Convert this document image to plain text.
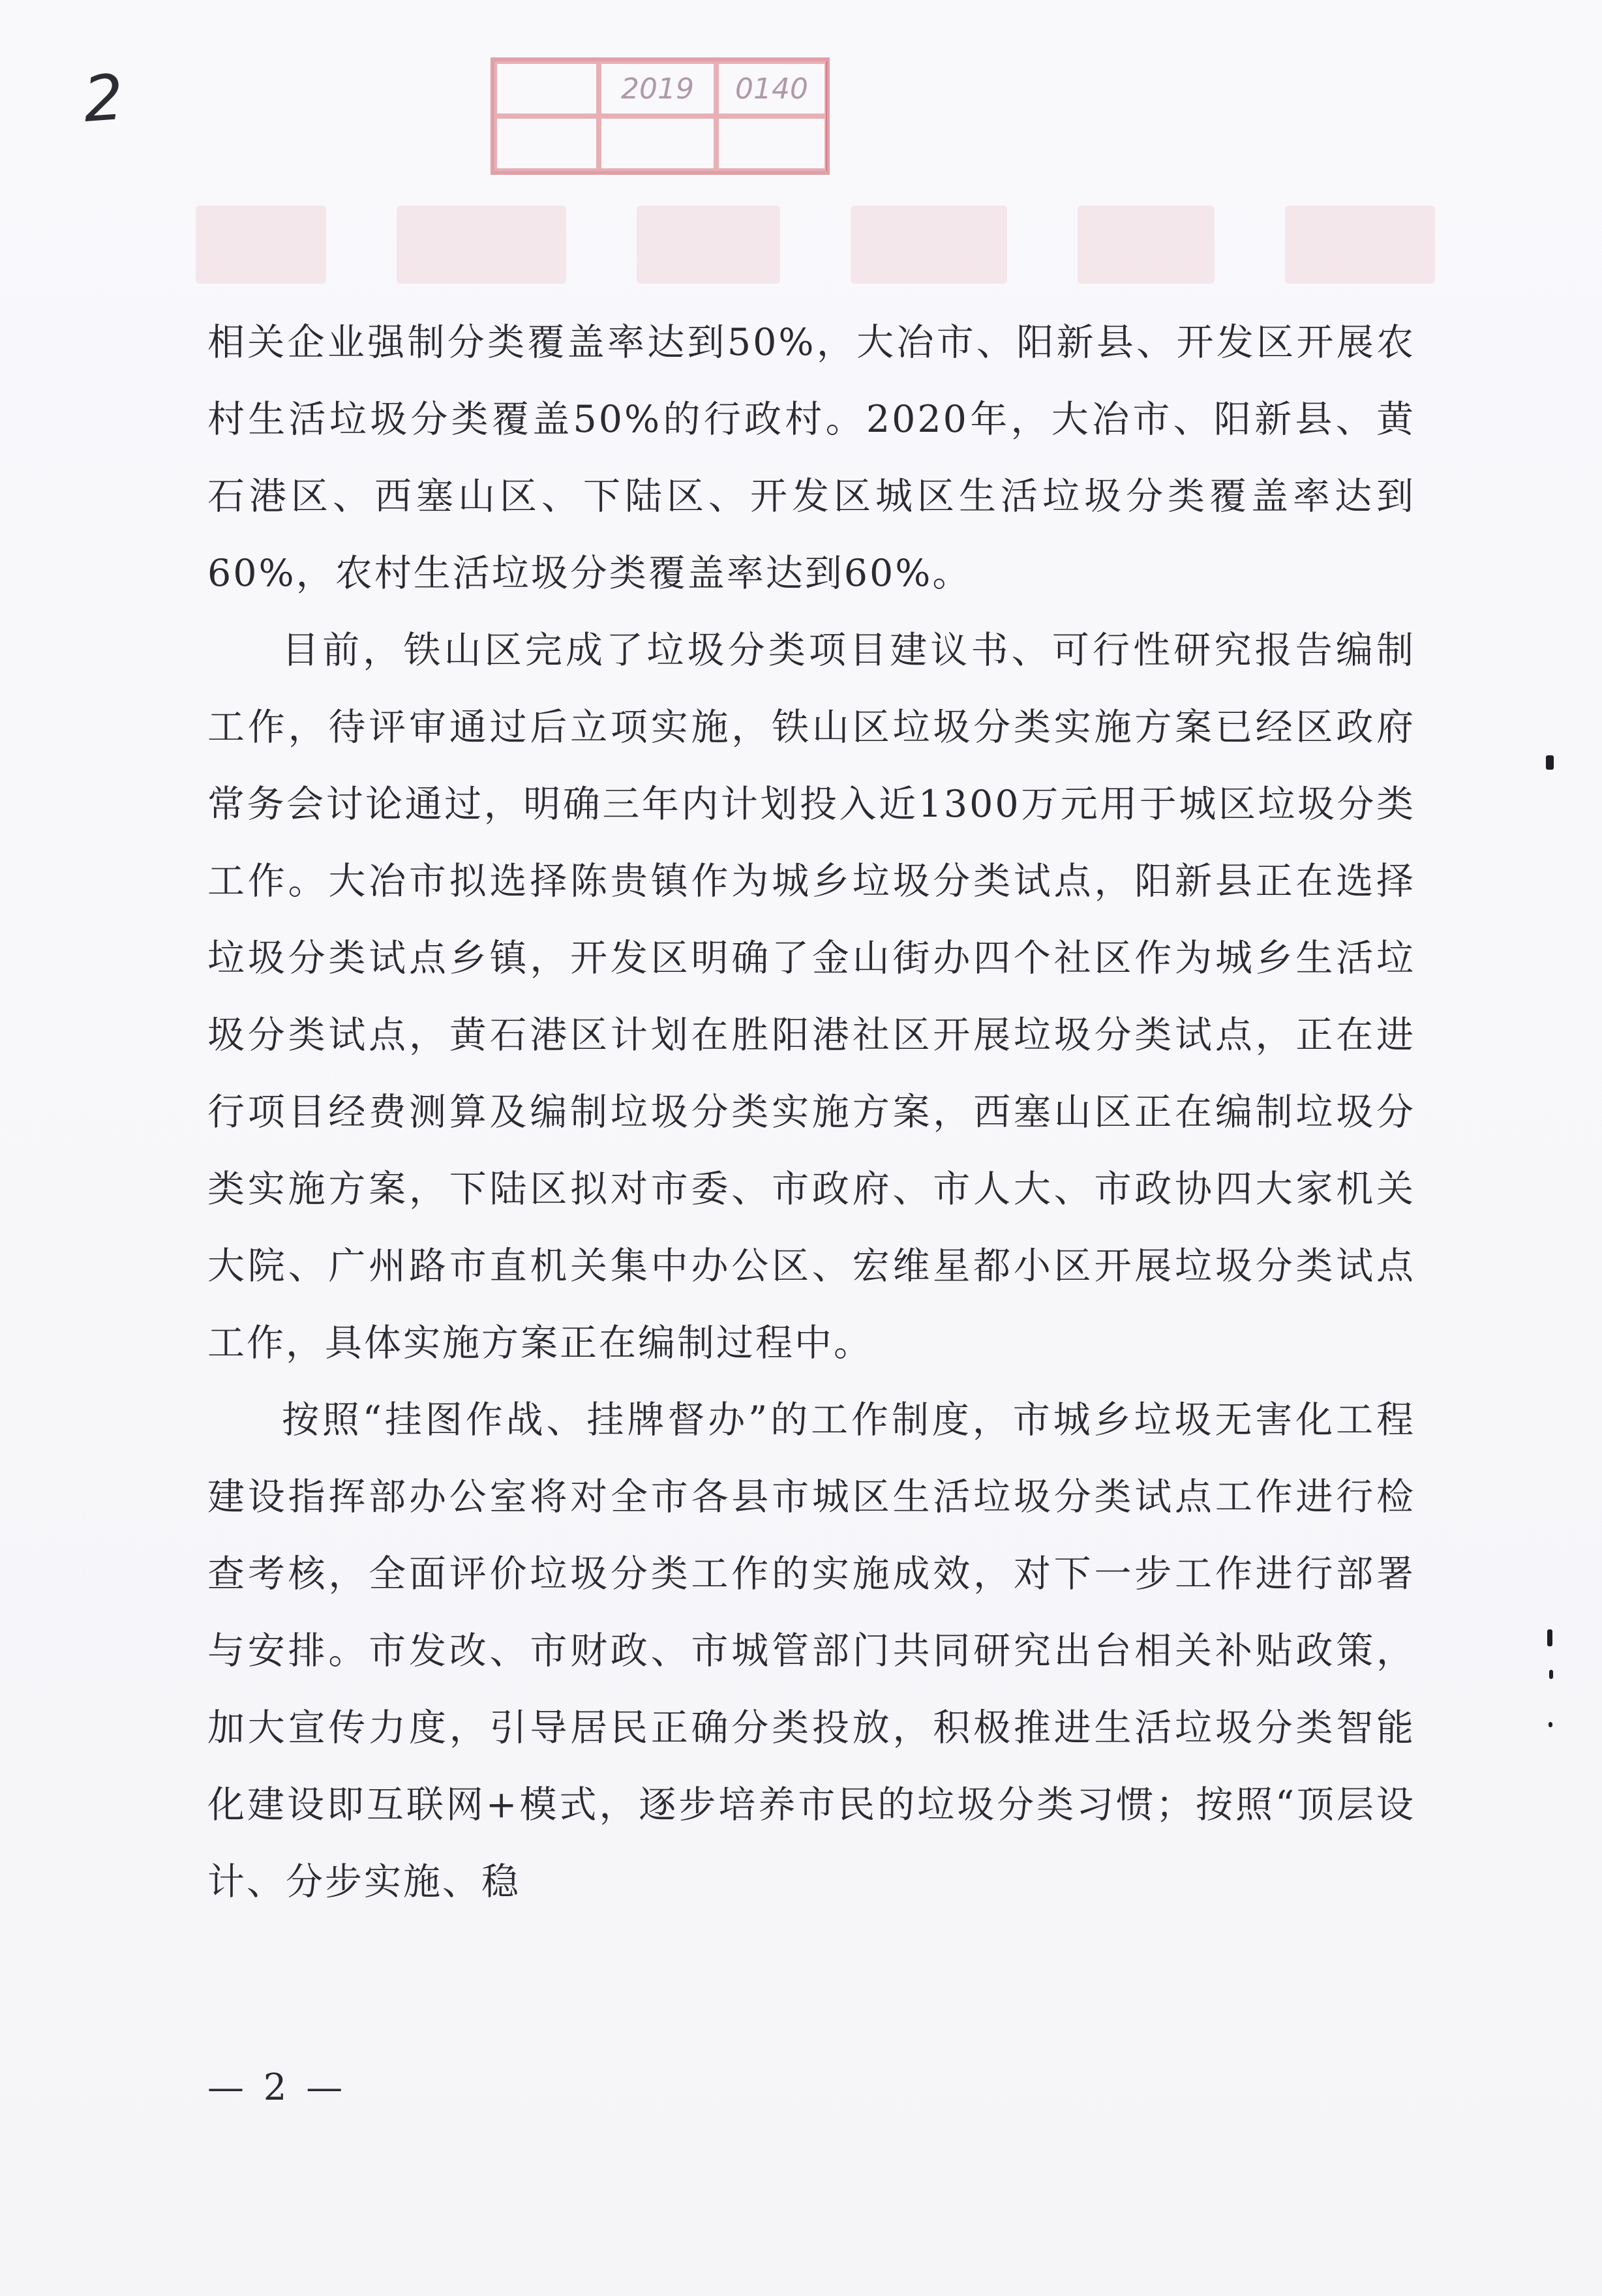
2	2019	0140

相关企业强制分类覆盖率达到50%，大冶市、阳新县、开发区开展农村生活垃圾分类覆盖50%的行政村。2020年，大冶市、阳新县、黄石港区、西塞山区、下陆区、开发区城区生活垃圾分类覆盖率达到60%，农村生活垃圾分类覆盖率达到60%。

目前，铁山区完成了垃圾分类项目建议书、可行性研究报告编制工作，待评审通过后立项实施，铁山区垃圾分类实施方案已经区政府常务会讨论通过，明确三年内计划投入近1300万元用于城区垃圾分类工作。大冶市拟选择陈贵镇作为城乡垃圾分类试点，阳新县正在选择垃圾分类试点乡镇，开发区明确了金山街办四个社区作为城乡生活垃圾分类试点，黄石港区计划在胜阳港社区开展垃圾分类试点，正在进行项目经费测算及编制垃圾分类实施方案，西塞山区正在编制垃圾分类实施方案，下陆区拟对市委、市政府、市人大、市政协四大家机关大院、广州路市直机关集中办公区、宏维星都小区开展垃圾分类试点工作，具体实施方案正在编制过程中。

按照“挂图作战、挂牌督办”的工作制度，市城乡垃圾无害化工程建设指挥部办公室将对全市各县市城区生活垃圾分类试点工作进行检查考核，全面评价垃圾分类工作的实施成效，对下一步工作进行部署与安排。市发改、市财政、市城管部门共同研究出台相关补贴政策，加大宣传力度，引导居民正确分类投放，积极推进生活垃圾分类智能化建设即互联网+模式，逐步培养市民的垃圾分类习惯；按照“顶层设计、分步实施、稳

— 2 —
